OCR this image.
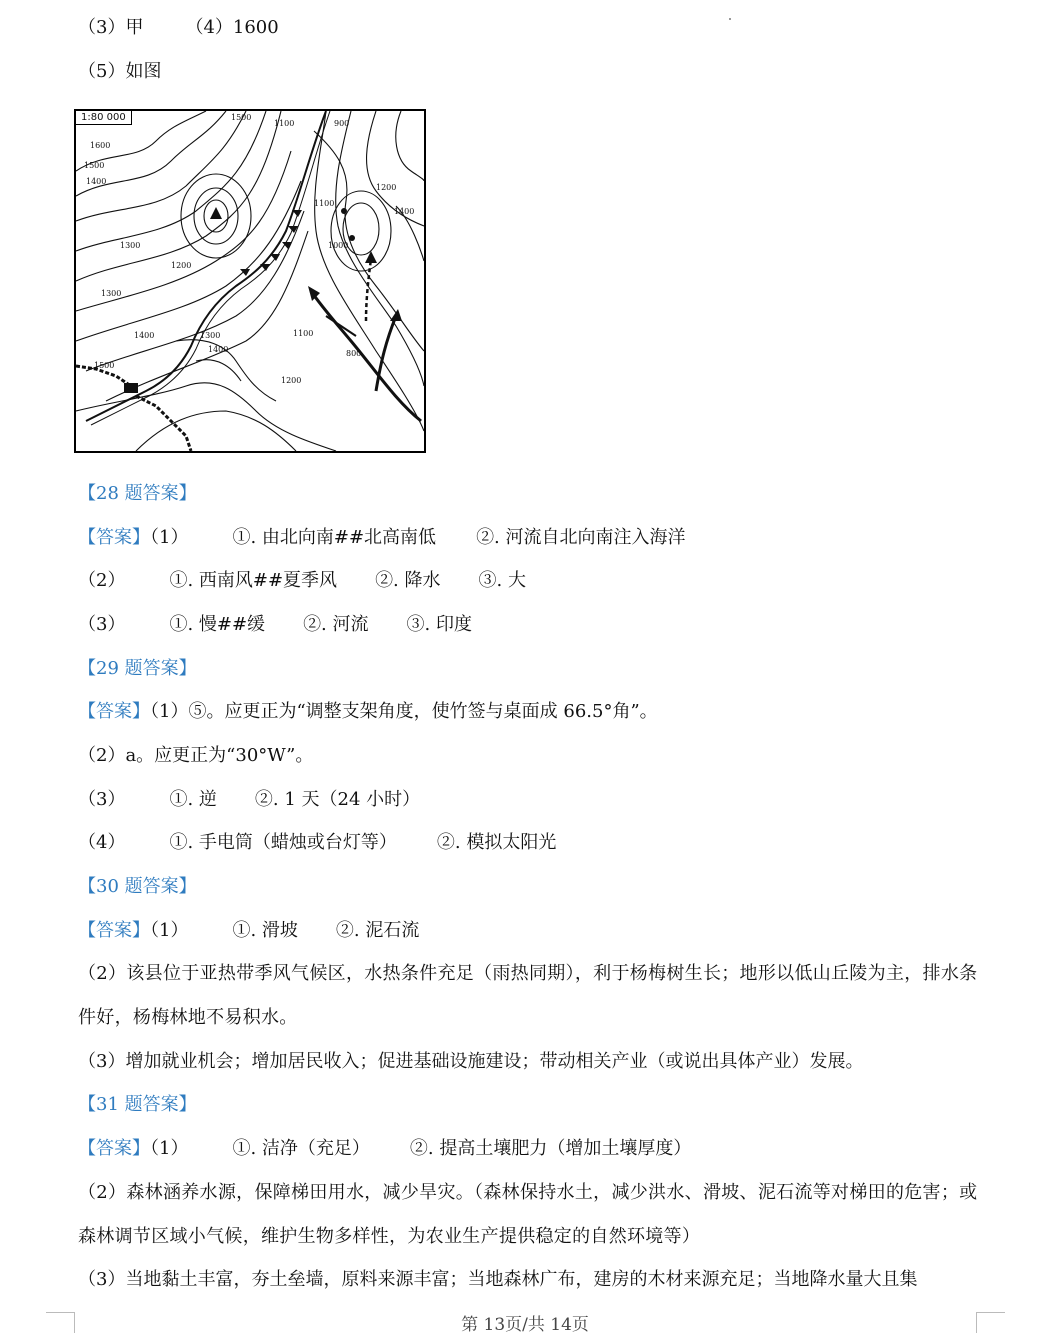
（3）甲 （4）1600
（5）如图
1:80 000
1600
1500
1400
1500
1100	900
1200
1400
1100
1000
1300
1200
1300
1400	1300
1400
1100
800
1500
1200
【28 题答案】
【答案】（1） ①. 由北向南##北高南低 ②. 河流自北向南注入海洋
（2） ①. 西南风##夏季风 ②. 降水 ③. 大
（3） ①. 慢##缓 ②. 河流 ③. 印度
【29 题答案】
【答案】（1）⑤。应更正为“调整支架角度，使竹签与桌面成 66.5°角”。
（2）a。应更正为“30°W”。
（3） ①. 逆 ②. 1 天（24 小时）
（4） ①. 手电筒（蜡烛或台灯等） ②. 模拟太阳光
【30 题答案】
【答案】（1） ①. 滑坡 ②. 泥石流
（2）该县位于亚热带季风气候区，水热条件充足（雨热同期），利于杨梅树生长；地形以低山丘陵为主，排水条件好，杨梅林地不易积水。
（3）增加就业机会；增加居民收入；促进基础设施建设；带动相关产业（或说出具体产业）发展。
【31 题答案】
【答案】（1） ①. 洁净（充足） ②. 提高土壤肥力（增加土壤厚度）
（2）森林涵养水源，保障梯田用水，减少旱灾。（森林保持水土，减少洪水、滑坡、泥石流等对梯田的危害；或森林调节区域小气候，维护生物多样性，为农业生产提供稳定的自然环境等）
（3）当地黏土丰富，夯土垒墙，原料来源丰富；当地森林广布，建房的木材来源充足；当地降水量大且集
第 13页/共 14页
